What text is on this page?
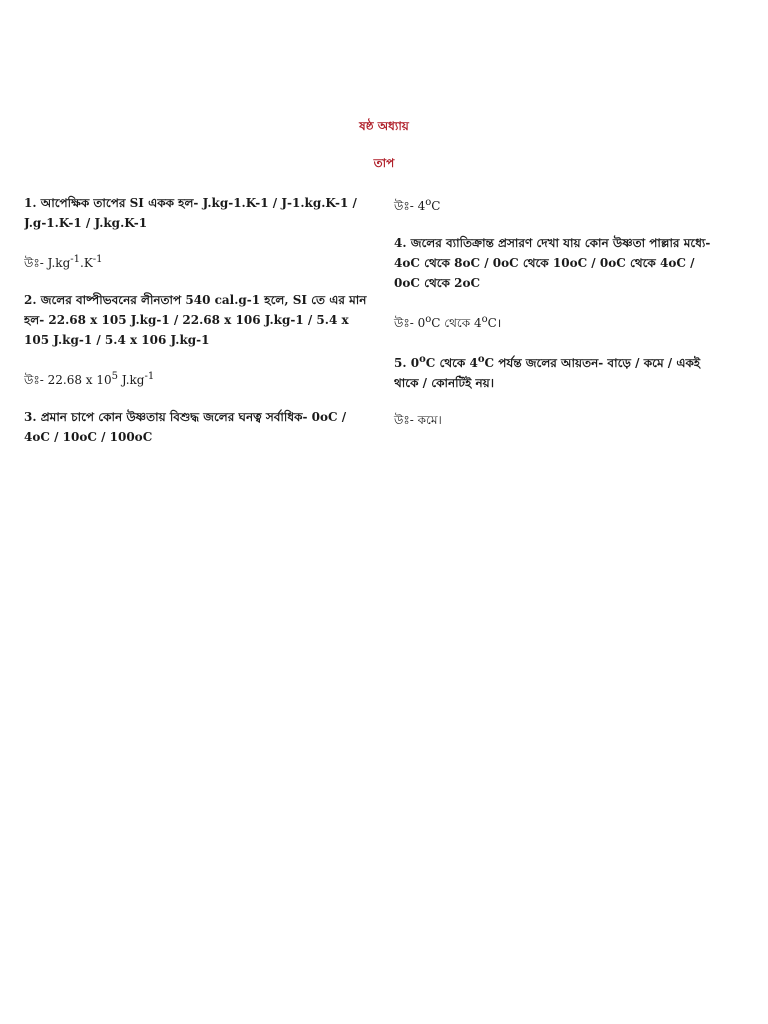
ষষ্ঠ অধ্যায়
তাপ

1. আপেক্ষিক তাপের SI একক হল- J.kg-1.K-1 / J-1.kg.K-1 / J.g-1.K-1 / J.kg.K-1

উঃ- $J.kg^{-1}.K^{-1}$

2. জলের বাষ্পীভবনের লীনতাপ 540 cal.g-1 হলে, SI তে এর মান হল- 22.68 x 105 J.kg-1 / 22.68 x 106 J.kg-1 / 5.4 x 105 J.kg-1 / 5.4 x 106 J.kg-1

উঃ- 22.68 x $10^5$ $J.kg^{-1}$

3. প্রমান চাপে কোন উষ্ণতায় বিশুদ্ধ জলের ঘনত্ব সর্বাধিক- 0oC / 4oC / 10oC / 100oC

উঃ- 4$^o$C

4. জলের ব্যাতিক্রান্ত প্রসারণ দেখা যায় কোন উষ্ণতা পাল্লার মধ্যে- 4oC থেকে 8oC / 0oC থেকে 10oC / 0oC থেকে 4oC / 0oC থেকে 2oC

উঃ- 0$^o$C থেকে 4$^o$C।

5. 0$^o$C থেকে 4$^o$C পর্যন্ত জলের আয়তন- বাড়ে / কমে / একই থাকে / কোনটিই নয়।

উঃ- কমে।
